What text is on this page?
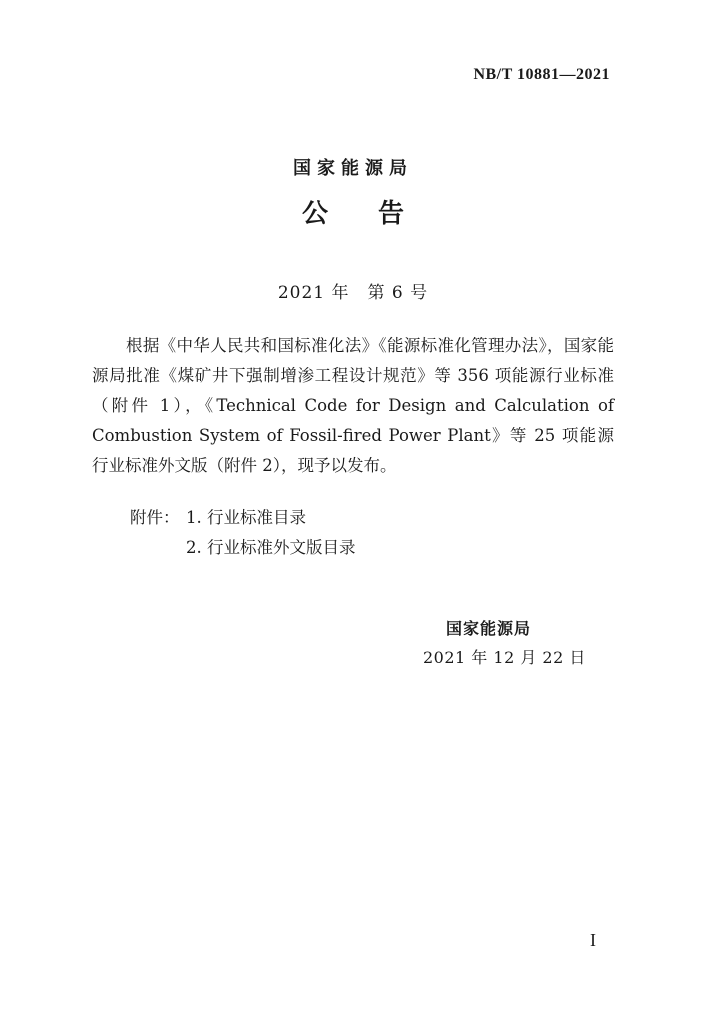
NB/T 10881—2021
国家能源局
公告
2021 年　第 6 号

根据《中华人民共和国标准化法》《能源标准化管理办法》，国家能源局批准《煤矿井下强制增渗工程设计规范》等 356 项能源行业标准（附件 1），《Technical Code for Design and Calculation of Combustion System of Fossil-fired Power Plant》等 25 项能源行业标准外文版（附件 2），现予以发布。

附件： 1. 行业标准目录
2. 行业标准外文版目录
国家能源局
2021 年 12 月 22 日
I
